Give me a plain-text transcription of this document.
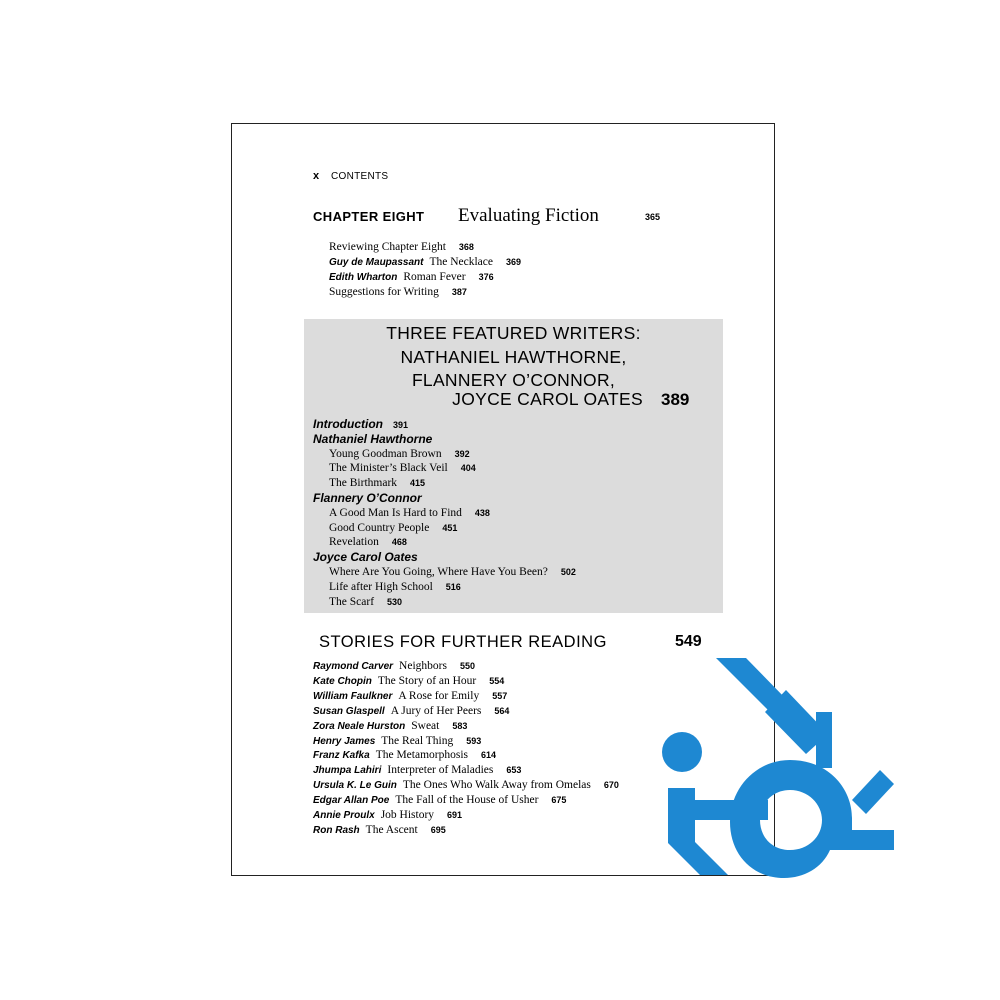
x CONTENTS
CHAPTER EIGHT Evaluating Fiction	365
Reviewing Chapter Eight 368
Guy de Maupassant The Necklace 369
Edith Wharton Roman Fever 376
Suggestions for Writing 387
THREE FEATURED WRITERS:
NATHANIEL HAWTHORNE,
FLANNERY O’CONNOR,
JOYCE CAROL OATES 389
Introduction 391
Nathaniel Hawthorne
Young Goodman Brown 392
The Minister’s Black Veil 404
The Birthmark 415
Flannery O’Connor
A Good Man Is Hard to Find 438
Good Country People 451
Revelation 468
Joyce Carol Oates
Where Are You Going, Where Have You Been? 502
Life after High School 516
The Scarf 530
STORIES FOR FURTHER READING	549
Raymond Carver Neighbors 550
Kate Chopin The Story of an Hour 554
William Faulkner A Rose for Emily 557
Susan Glaspell A Jury of Her Peers 564
Zora Neale Hurston Sweat 583
Henry James The Real Thing 593
Franz Kafka The Metamorphosis 614
Jhumpa Lahiri Interpreter of Maladies 653
Ursula K. Le Guin The Ones Who Walk Away from Omelas 670
Edgar Allan Poe The Fall of the House of Usher 675
Annie Proulx Job History 691
Ron Rash The Ascent 695
